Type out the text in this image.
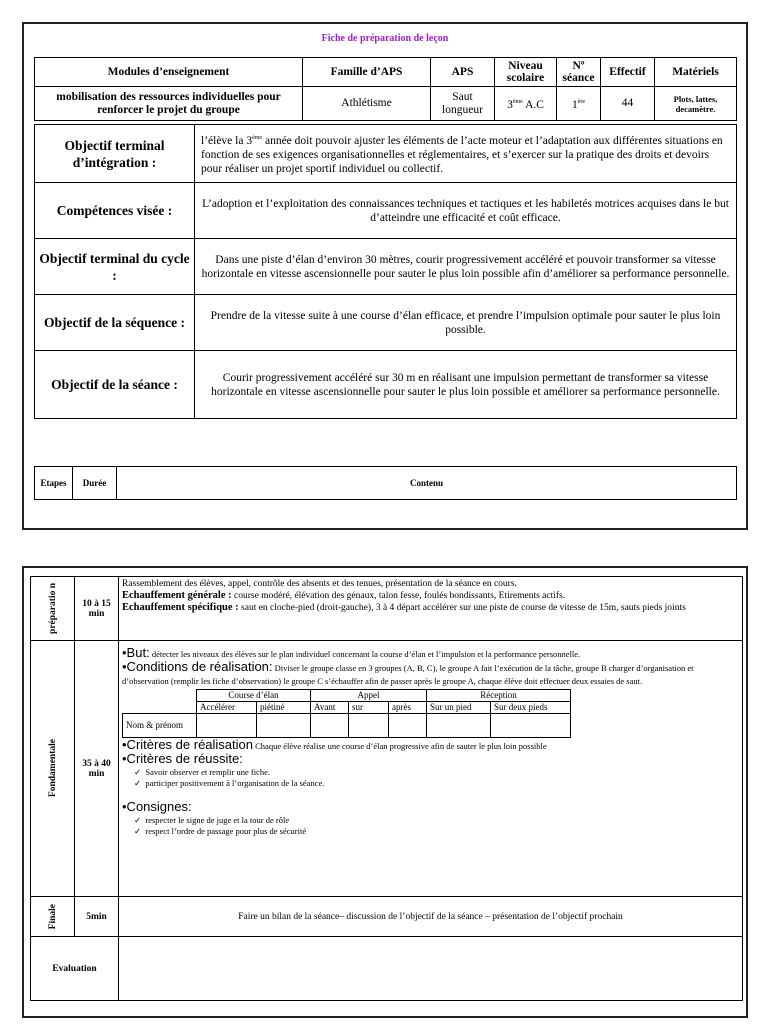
Fiche de préparation de leçon
Modules d’enseignement	Famille d’APS	APS	Niveau scolaire	Nº séance	Effectif	Matériels
mobilisation des ressources individuelles pour renforcer le projet du groupe	Athlétisme	Saut longueur	3ème A.C	1ère	44	Plots, lattes, decamètre.
Objectif terminal d’intégration :	l’élève la 3ème année doit pouvoir ajuster les éléments de l’acte moteur et l’adaptation aux différentes situations en fonction de ses exigences organisationnelles et réglementaires, et s’exercer sur la pratique des droits et devoirs pour réaliser un projet sportif individuel ou collectif.
Compétences visée :	L’adoption et l’exploitation des connaissances techniques et tactiques et les habiletés motrices acquises dans le but d’atteindre une efficacité et coût efficace.
Objectif terminal du cycle :	Dans une piste d’élan d’environ 30 mètres, courir progressivement accéléré et pouvoir transformer sa vitesse horizontale en vitesse ascensionnelle pour sauter le plus loin possible afin d’améliorer sa performance personnelle.
Objectif de la séquence :	Prendre de la vitesse suite à une course d’élan efficace, et prendre l’impulsion optimale pour sauter le plus loin possible.
Objectif de la séance :	Courir progressivement accéléré sur 30 m en réalisant une impulsion permettant de transformer sa vitesse horizontale en vitesse ascensionnelle pour sauter le plus loin possible et améliorer sa performance personnelle.
Etapes	Durée	Contenu
préparatio n	10 à 15 min	
Rassemblement des élèves, appel, contrôle des absents et des tenues, présentation de la séance en cours.
Echauffement générale : course modéré, élévation des génaux, talon fesse, foulés bondissants, Etirements actifs.
Echauffement spécifique : saut en cloche-pied (droit-gauche), 3 à 4 départ accélérer sur une piste de course de vitesse de 15m, sauts pieds joints

Fondamentale	35 à 40 min	
•But: détecter les niveaux des élèves sur le plan individuel concernant la course d’élan et l’impulsion et la performance personnelle.
•Conditions de réalisation: Diviser le groupe classe en 3 groupes (A, B, C), le groupe A fait l’exécution de la tâche, groupe B charger d’organisation et d’observation (remplir les fiche d’observation) le groupe C s’échauffer afin de passer après le groupe A, chaque élève doit effectuer deux essaies de saut.
	Course d’élan	Appel	Réception
	Accélérer	piétiné	Avant	sur	après	Sur un pied	Sur deux pieds
Nom & prénom							
•Critères de réalisation Chaque élève réalise une course d’élan progressive afin de sauter le plus loin possible
•Critères de réussite:
✓  Savoir observer et remplir une fiche.
✓  participer positivement à l’organisation de la séance.
•Consignes:
✓  respecter le signe de juge et la tour de rôle
✓  respect l’ordre de passage pour plus de sécurité

Finale	5min	Faire un bilan de la séance– discussion de l’objectif de la séance – présentation de l’objectif prochain
Evaluation	
